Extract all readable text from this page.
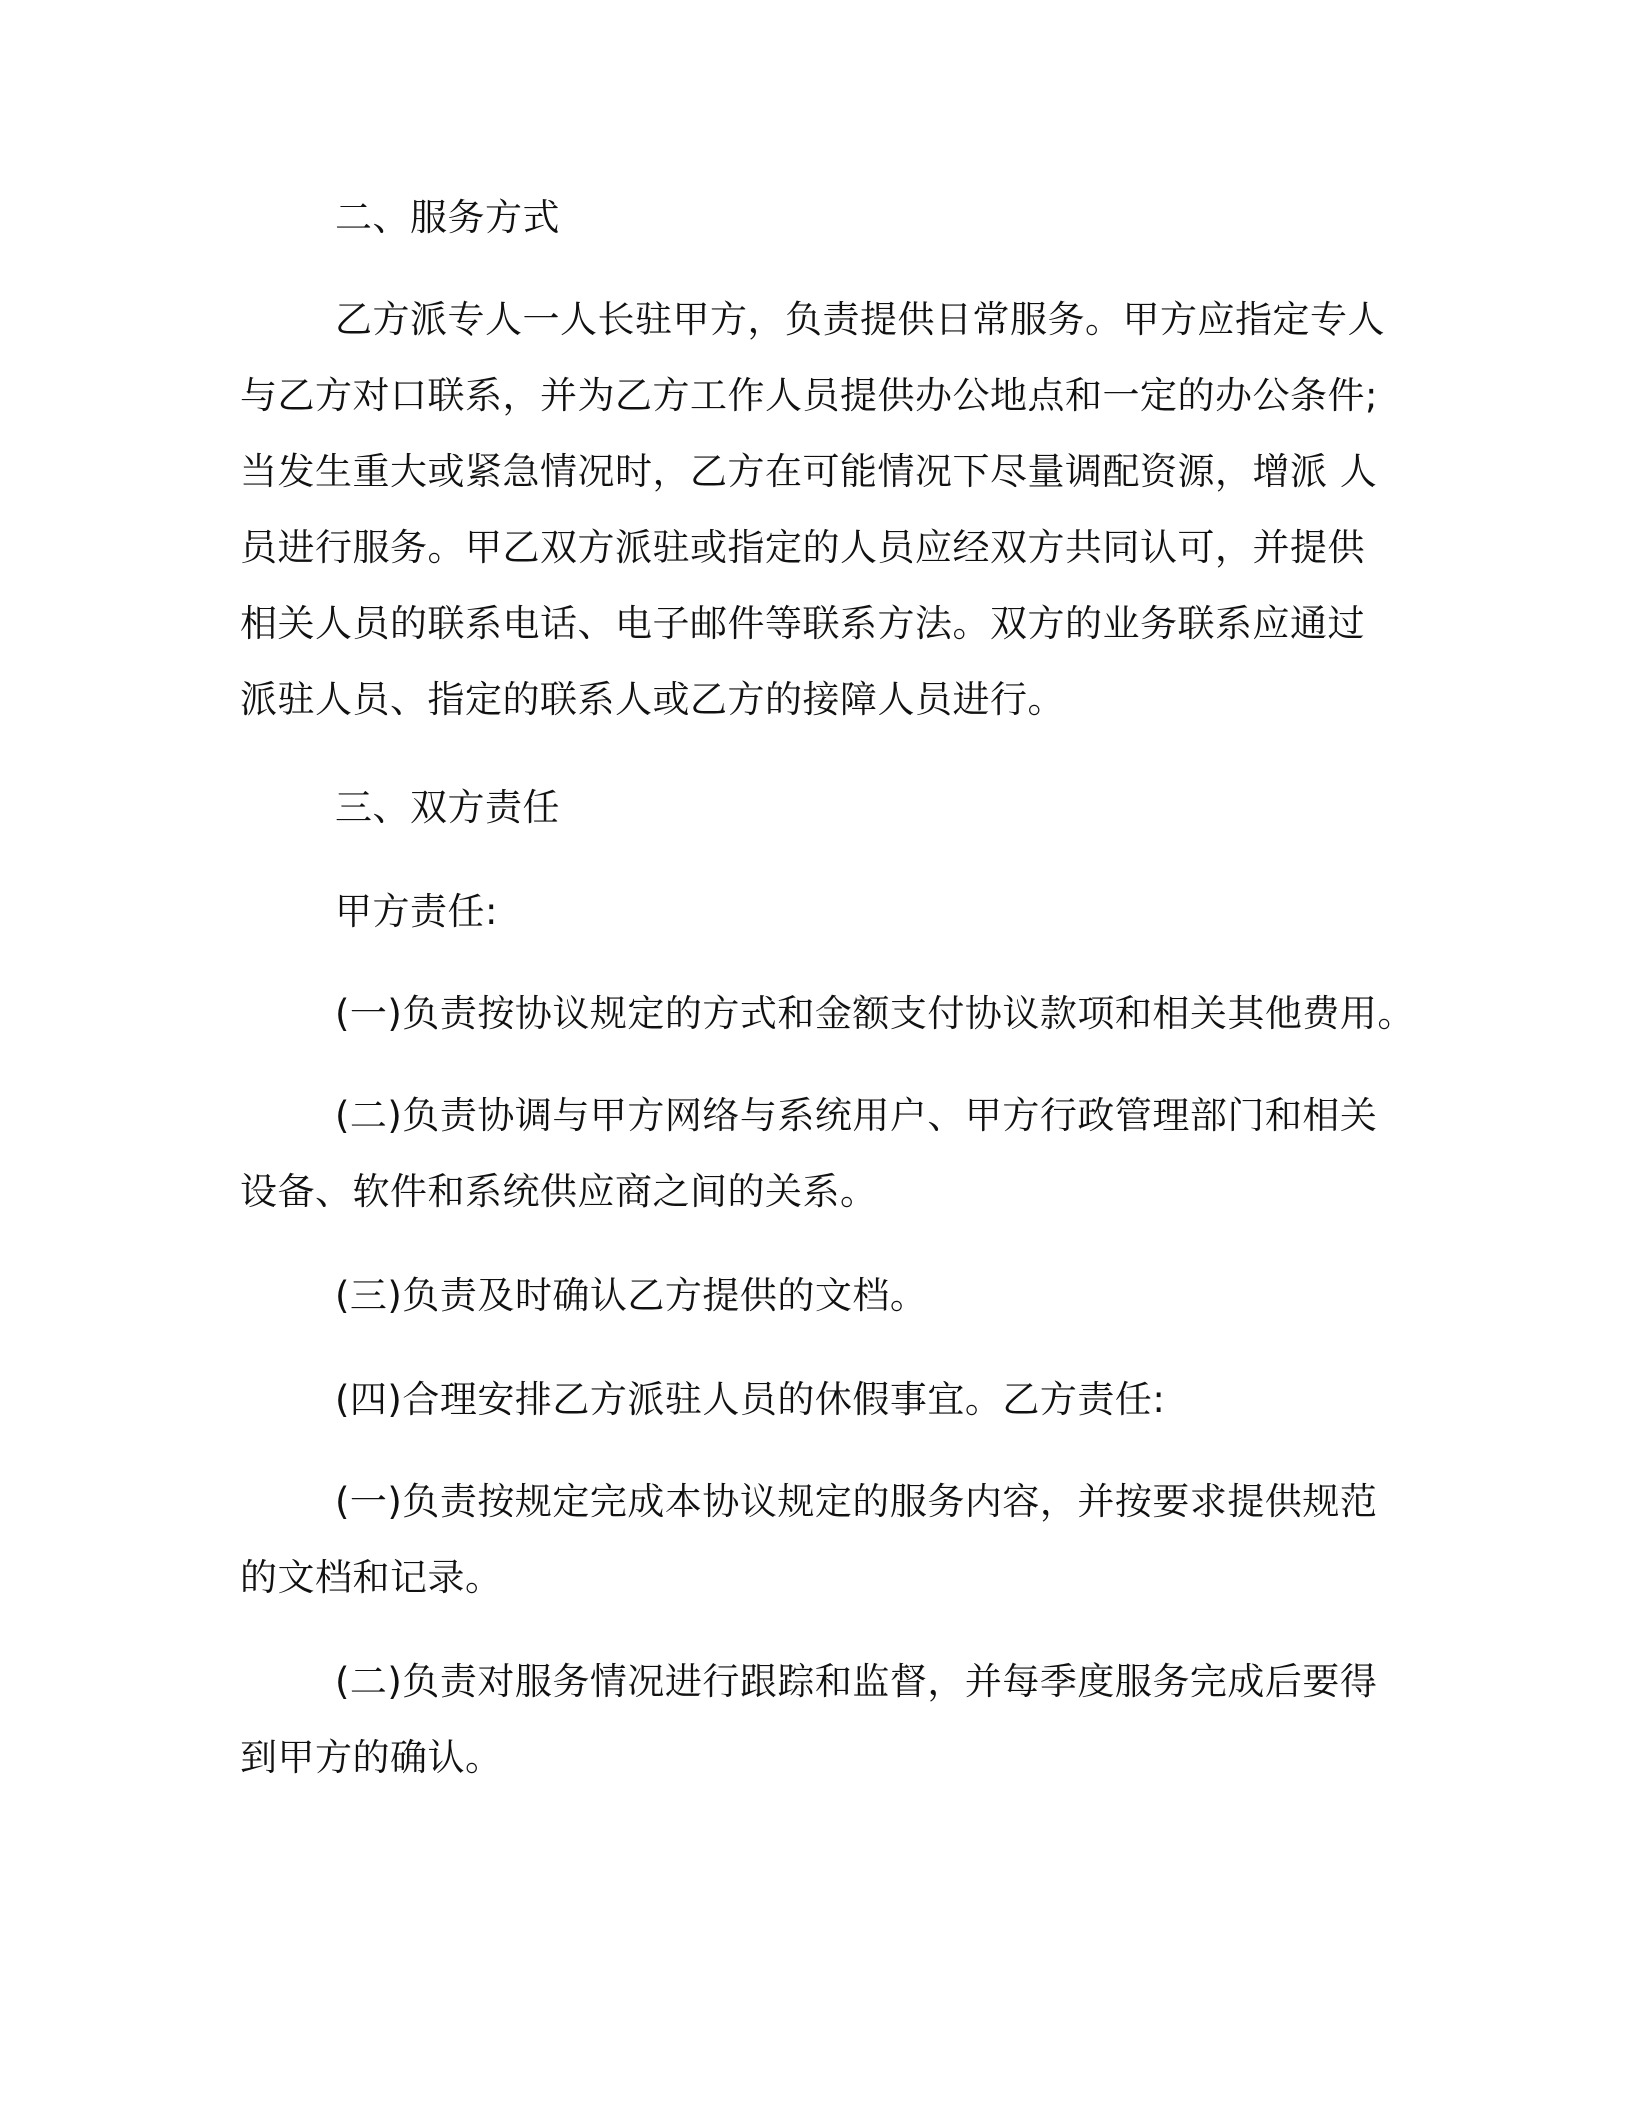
二、服务方式
乙方派专人一人长驻甲方，负责提供日常服务。甲方应指定专人
与乙方对口联系，并为乙方工作人员提供办公地点和一定的办公条件;
当发生重大或紧急情况时，乙方在可能情况下尽量调配资源，增派 人
员进行服务。甲乙双方派驻或指定的人员应经双方共同认可，并提供
相关人员的联系电话、电子邮件等联系方法。双方的业务联系应通过
派驻人员、指定的联系人或乙方的接障人员进行。
三、双方责任
甲方责任:
(一)负责按协议规定的方式和金额支付协议款项和相关其他费用。
(二)负责协调与甲方网络与系统用户、甲方行政管理部门和相关
设备、软件和系统供应商之间的关系。
(三)负责及时确认乙方提供的文档。
(四)合理安排乙方派驻人员的休假事宜。乙方责任:
(一)负责按规定完成本协议规定的服务内容，并按要求提供规范
的文档和记录。
(二)负责对服务情况进行跟踪和监督，并每季度服务完成后要得
到甲方的确认。
